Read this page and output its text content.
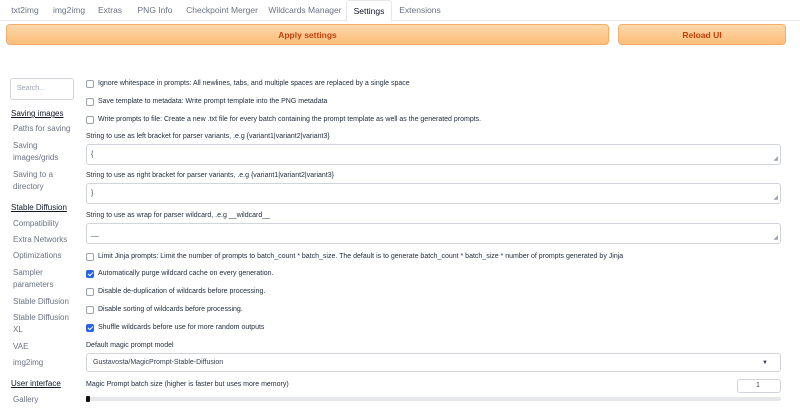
txt2img	img2img	Extras	PNG Info	Checkpoint Merger	Wildcards Manager	Settings	Extensions
Apply settings	Reload UI
Search...
Saving images
Paths for saving
Saving
images/grids
Saving to a
directory
Stable Diffusion
Compatibility
Extra Networks
Optimizations
Sampler
parameters
Stable Diffusion
Stable Diffusion
XL
VAE
img2img
User interface
Gallery
Ignore whitespace in prompts: All newlines, tabs, and multiple spaces are replaced by a single space
Save template to metadata: Write prompt template into the PNG metadata
Write prompts to file: Create a new .txt file for every batch containing the prompt template as well as the generated prompts.
String to use as left bracket for parser variants, .e.g {variant1|variant2|variant3}
{
◢
String to use as right bracket for parser variants, .e.g {variant1|variant2|variant3}
}
◢
String to use as wrap for parser wildcard, .e.g __wildcard__
__
◢
Limit Jinja prompts: Limit the number of prompts to batch_count * batch_size. The default is to generate batch_count * batch_size * number of prompts generated by Jinja
Automatically purge wildcard cache on every generation.
Disable de-duplication of wildcards before processing.
Disable sorting of wildcards before processing.
Shuffle wildcards before use for more random outputs
Default magic prompt model
Gustavosta/MagicPrompt-Stable-Diffusion	▼
Magic Prompt batch size (higher is faster but uses more memory)	1
